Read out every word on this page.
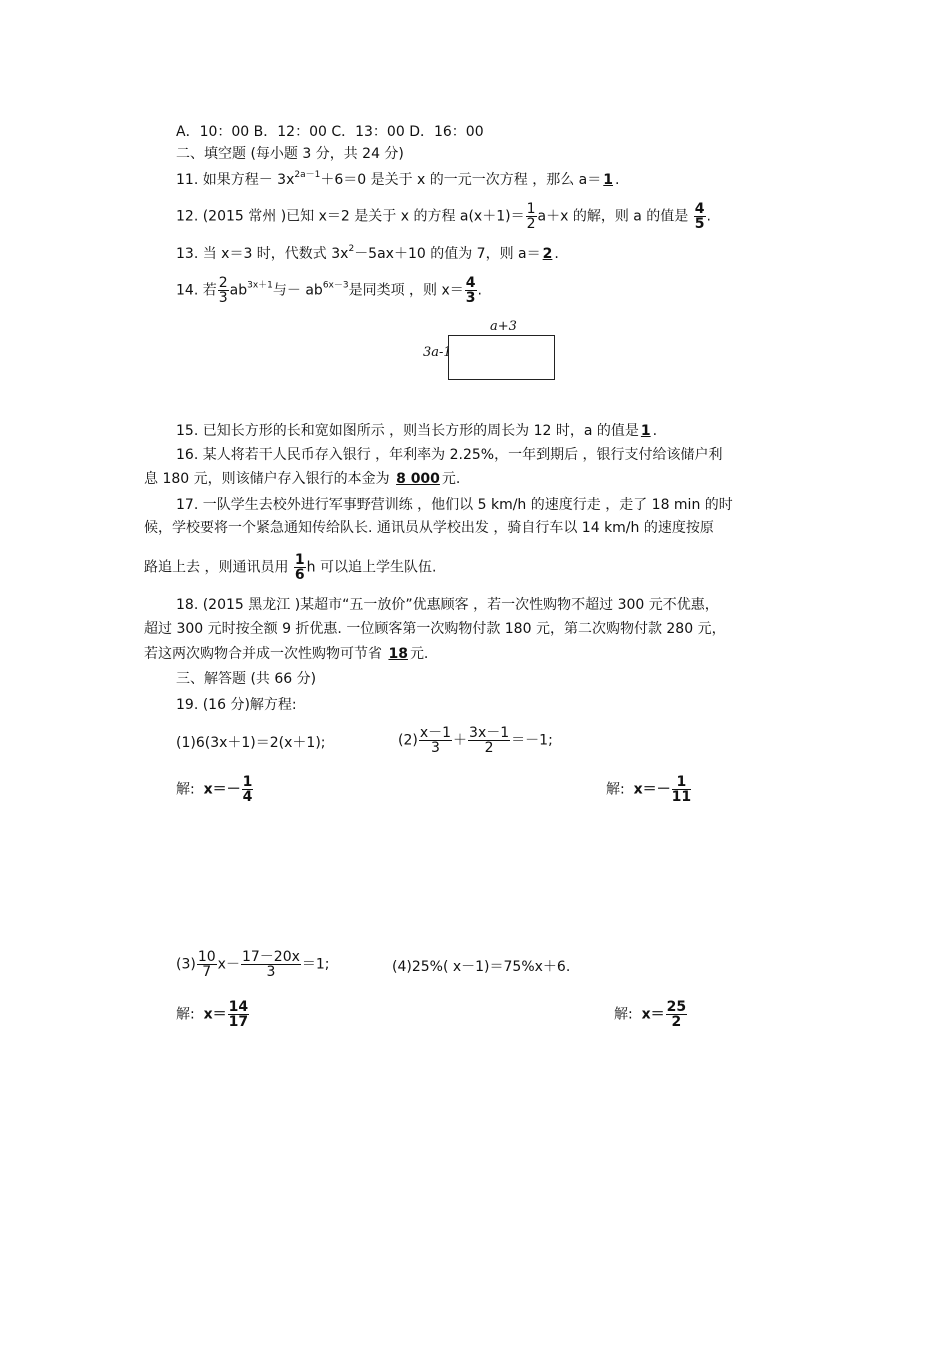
A．10：00 B．12：00 C．13：00 D．16：00
二、填空题 (每小题 3 分，共 24 分)
11. 如果方程－ $3x^{2a-1}+6=0$ 是关于 x 的一元一次方程 ，那么 a＝ 1 .
12. (2015 常州 )已知 x＝2 是关于 x 的方程 $a(x+1)= \frac{1}{2} a+x$ 的解，则 a 的值是 $\frac{4}{5}$ .
13. 当 x＝3 时，代数式 $3x^2-5ax+10$ 的值为 7，则 a＝ 2 .
14. 若 $\frac{2}{3} ab^{3x+1}$与－ $ab^{6x-3}$是同类项 ，则 $x= \frac{4}{3}$ .
a+3
3a-1
15. 已知长方形的长和宽如图所示 ，则当长方形的周长为 12 时，a 的值是 1 .
16. 某人将若干人民币存入银行 ，年利率为 2.25%，一年到期后 ，银行支付给该储户利
息 180 元，则该储户存入银行的本金为 8 000 元.
17. 一队学生去校外进行军事野营训练 ，他们以 5 km/h 的速度行走 ，走了 18 min 的时
候，学校要将一个紧急通知传给队长. 通讯员从学校出发 ，骑自行车以 14 km/h 的速度按原
路追上去 ，则通讯员用 $\frac{1}{6}$ h 可以追上学生队伍.
18. (2015 黑龙江 )某超市“五一放价”优惠顾客 ，若一次性购物不超过 300 元不优惠，
超过 300 元时按全额 9 折优惠. 一位顾客第一次购物付款 180 元，第二次购物付款 280 元，
若这两次购物合并成一次性购物可节省 18 元.
三、解答题 (共 66 分)
19. (16 分)解方程:
(1)6(3x＋1)＝2(x＋1);	$(2) \frac{x-1}{3} + \frac{3x-1}{2} =-1$;
解: $x=- \frac{1}{4}$	解: $x=- \frac{1}{11}$
$(3) \frac{10}{7} x- \frac{17-20x}{3} =1$;	(4)25%( x－1)＝75%x＋6.
解: $x= \frac{14}{17}$	解: $x= \frac{25}{2}$
